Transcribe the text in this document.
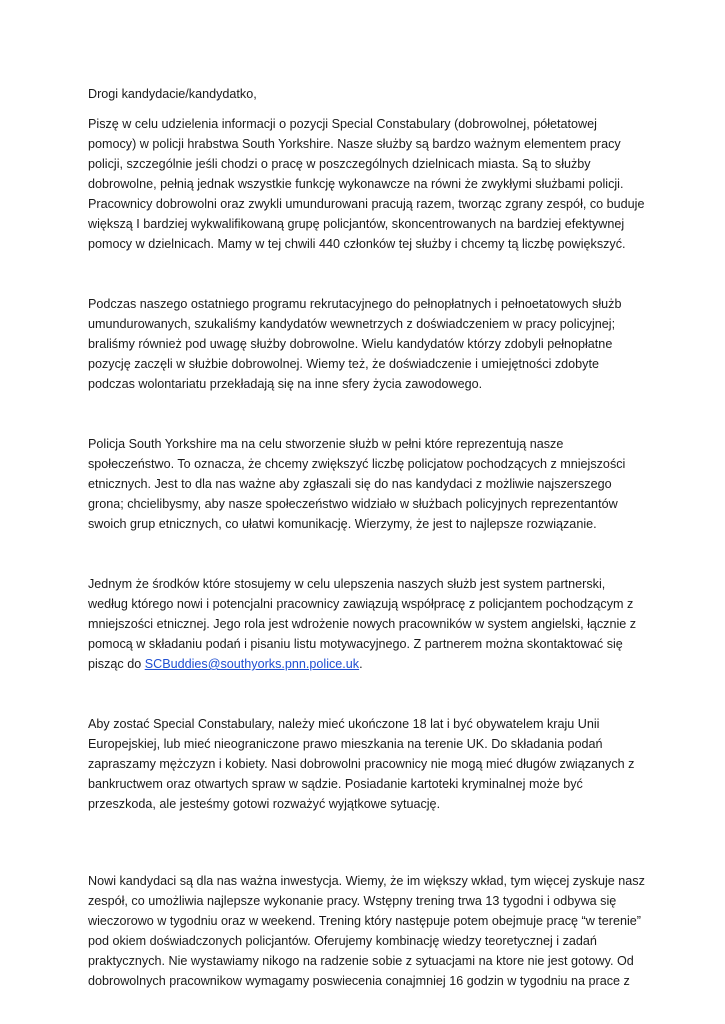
Drogi kandydacie/kandydatko,

Piszę w celu udzielenia informacji o pozycji Special Constabulary (dobrowolnej, półetatowej pomocy) w policji hrabstwa South Yorkshire. Nasze służby są bardzo ważnym elementem pracy policji, szczególnie jeśli chodzi o pracę w poszczególnych dzielnicach miasta. Są to służby dobrowolne, pełnią jednak wszystkie funkcję wykonawcze na równi że zwykłymi służbami policji. Pracownicy dobrowolni oraz zwykli umundurowani pracują razem, tworząc zgrany zespół, co buduje większą I bardziej wykwalifikowaną grupę policjantów, skoncentrowanych na bardziej efektywnej pomocy w dzielnicach. Mamy w tej chwili 440 członków tej służby i chcemy tą liczbę powiększyć.

Podczas naszego ostatniego programu rekrutacyjnego do pełnopłatnych i pełnoetatowych służb umundurowanych, szukaliśmy kandydatów wewnetrzych z doświadczeniem w pracy policyjnej; braliśmy również pod uwagę służby dobrowolne. Wielu kandydatów którzy zdobyli pełnopłatne pozycję zaczęli w służbie dobrowolnej. Wiemy też, że doświadczenie i umiejętności zdobyte podczas wolontariatu przekładają się na inne sfery życia zawodowego.

Policja South Yorkshire ma na celu stworzenie służb w pełni które reprezentują nasze społeczeństwo. To oznacza, że chcemy zwiększyć liczbę policjatow pochodzących z mniejszości etnicznych. Jest to dla nas ważne aby zgłaszali się do nas kandydaci z możliwie najszerszego grona; chcielibysmy, aby nasze społeczeństwo widziało w służbach policyjnych reprezentantów swoich grup etnicznych, co ułatwi komunikację. Wierzymy, że jest to najlepsze rozwiązanie.

Jednym że środków które stosujemy w celu ulepszenia naszych służb jest system partnerski, według którego nowi i potencjalni pracownicy zawiązują współpracę z policjantem pochodzącym z mniejszości etnicznej. Jego rola jest wdrożenie nowych pracowników w system angielski, łącznie z pomocą w składaniu podań i pisaniu listu motywacyjnego. Z partnerem można skontaktować się pisząc do SCBuddies@southyorks.pnn.police.uk.

Aby zostać Special Constabulary, należy mieć ukończone 18 lat i być obywatelem kraju Unii Europejskiej, lub mieć nieograniczone prawo mieszkania na terenie UK. Do składania podań zapraszamy mężczyzn i kobiety. Nasi dobrowolni pracownicy nie mogą mieć długów związanych z bankructwem oraz otwartych spraw w sądzie. Posiadanie kartoteki kryminalnej może być przeszkoda, ale jesteśmy gotowi rozważyć wyjątkowe sytuację.

Nowi kandydaci są dla nas ważna inwestycja. Wiemy, że im większy wkład, tym więcej zyskuje nasz zespół, co umożliwia najlepsze wykonanie pracy. Wstępny trening trwa 13 tygodni i odbywa się wieczorowo w tygodniu oraz w weekend. Trening który następuje potem obejmuje pracę “w terenie” pod okiem doświadczonych policjantów. Oferujemy kombinację wiedzy teoretycznej i zadań praktycznych. Nie wystawiamy nikogo na radzenie sobie z sytuacjami na ktore nie jest gotowy. Od dobrowolnych pracownikow wymagamy poswiecenia conajmniej 16 godzin w tygodniu na prace z
